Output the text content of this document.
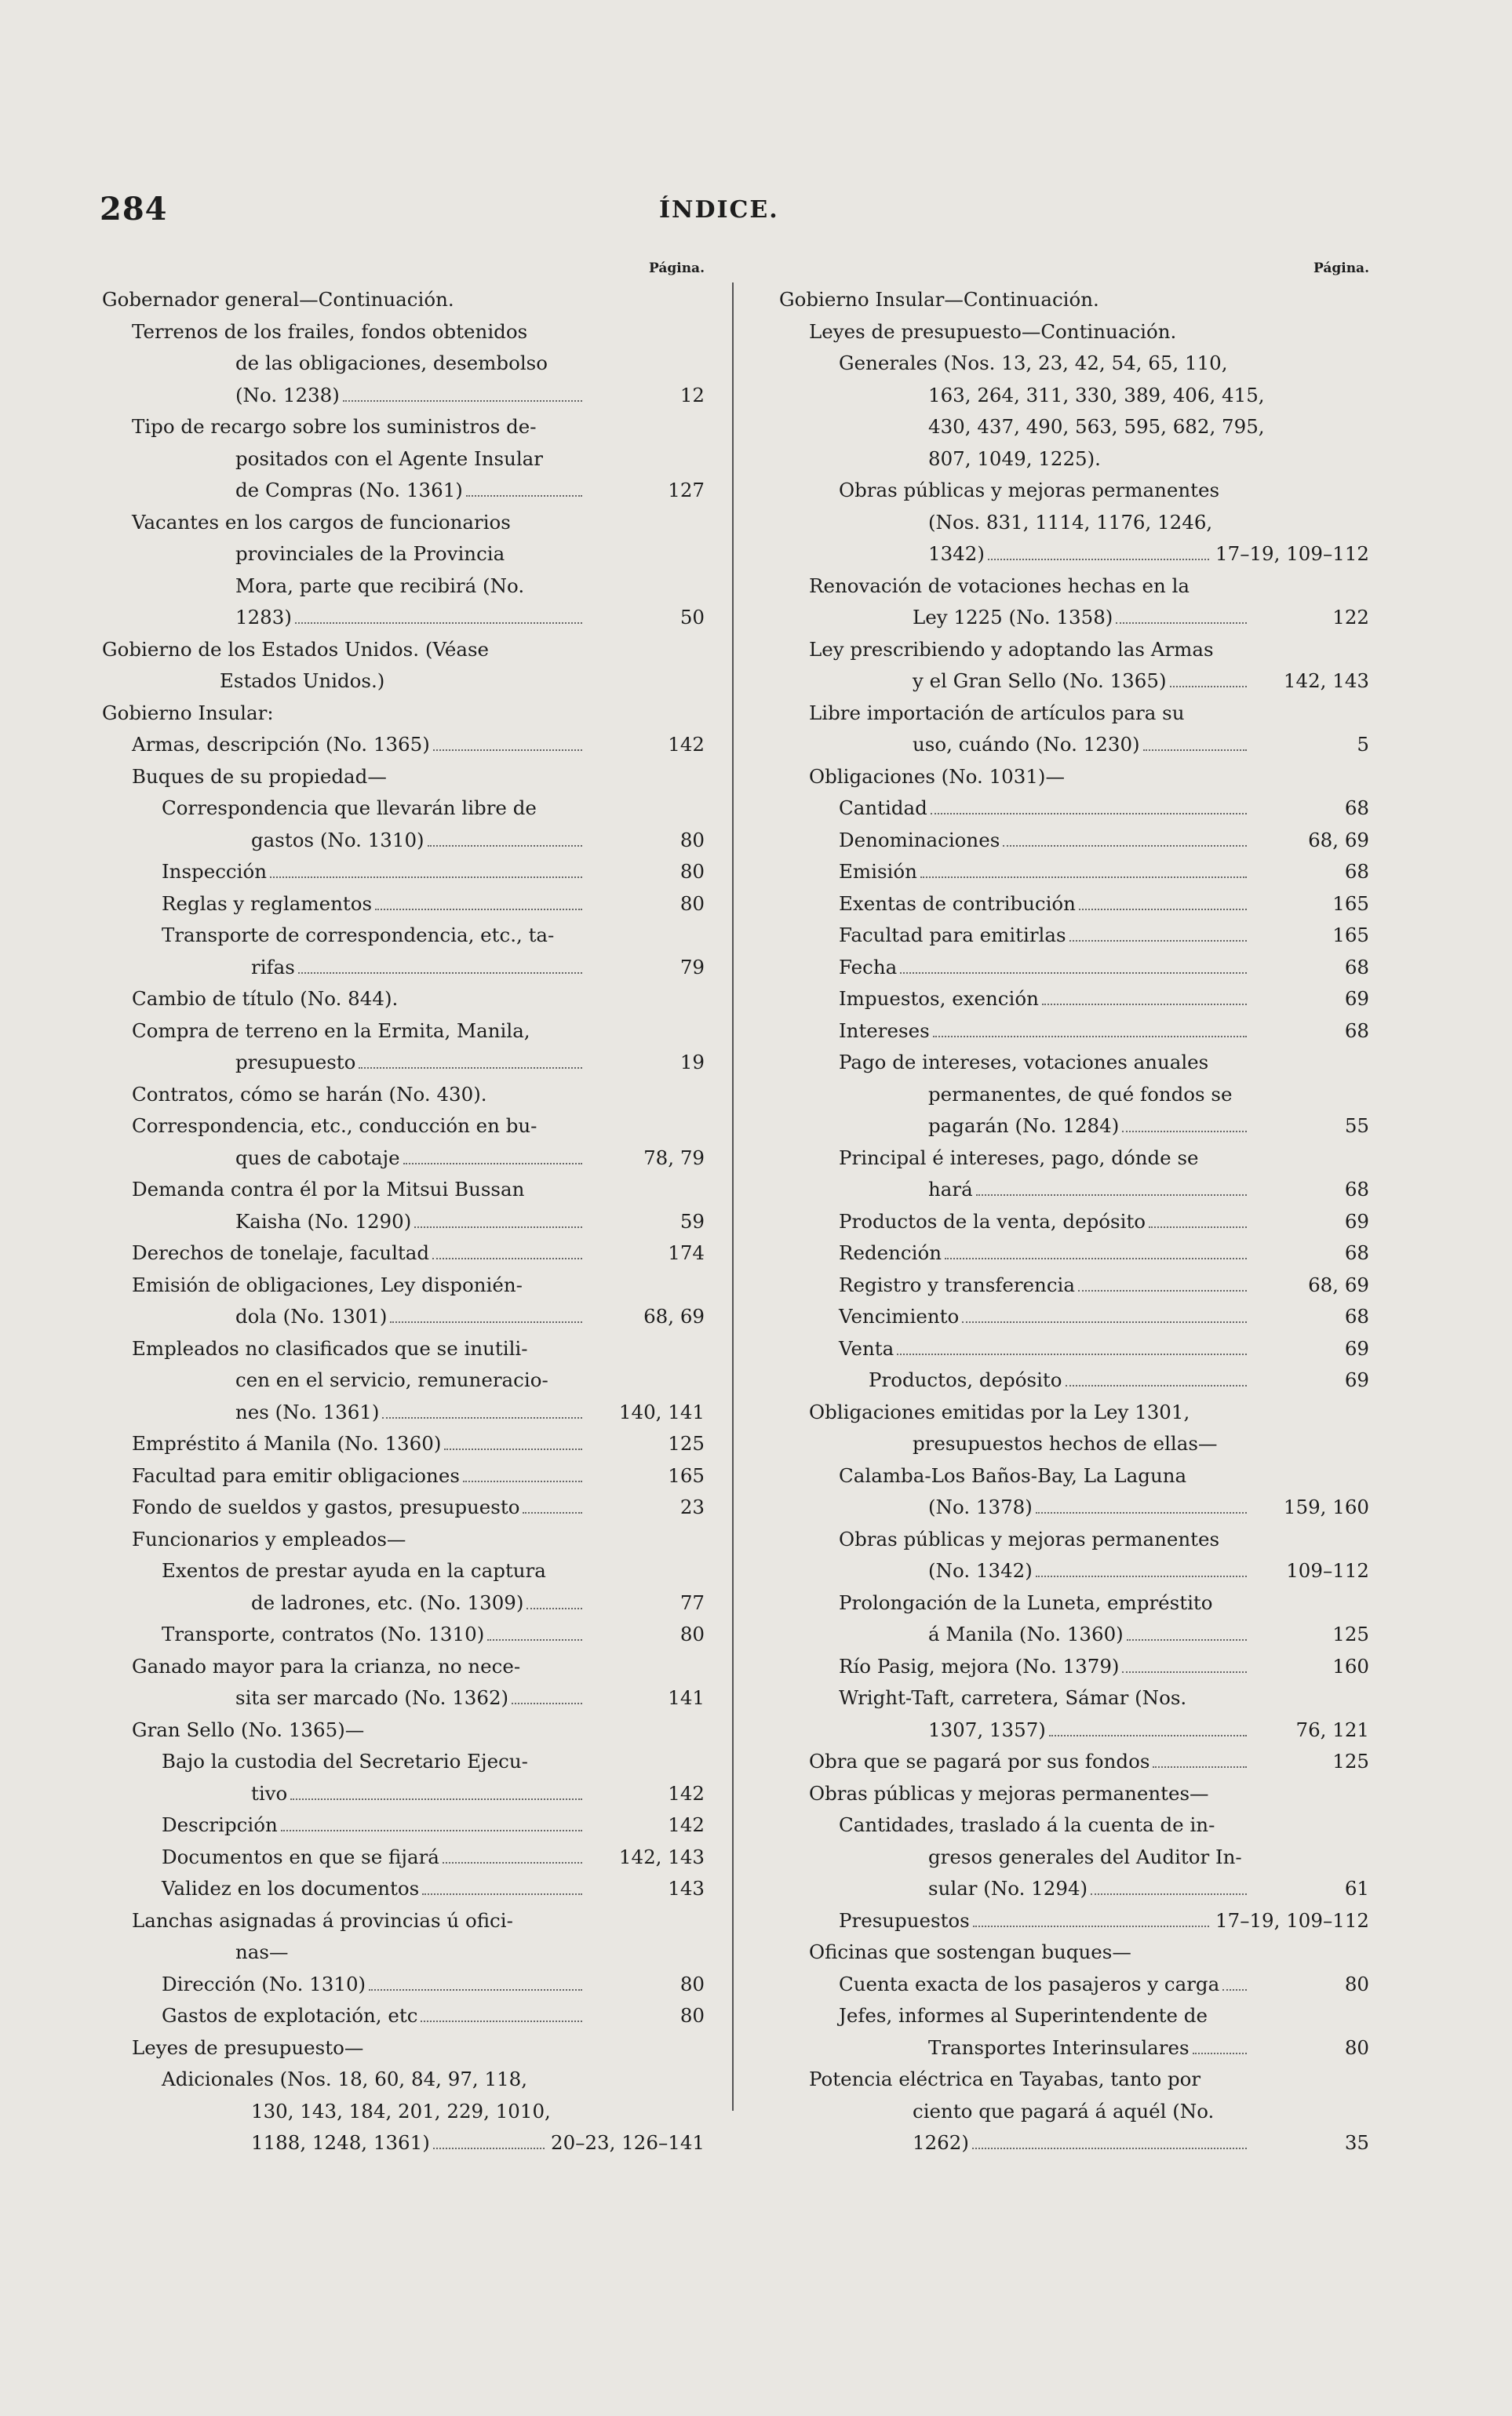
284	ÍNDICE.
Página.
Gobernador general—Continuación.
Terrenos de los frailes, fondos obtenidos
de las obligaciones, desembolso
(No. 1238)	12
Tipo de recargo sobre los suministros de-
positados con el Agente Insular
de Compras (No. 1361)	127
Vacantes en los cargos de funcionarios
provinciales de la Provincia
Mora, parte que recibirá (No.
1283)	50
Gobierno de los Estados Unidos. (Véase
Estados Unidos.)
Gobierno Insular:
Armas, descripción (No. 1365)	142
Buques de su propiedad—
Correspondencia que llevarán libre de
gastos (No. 1310)	80
Inspección	80
Reglas y reglamentos	80
Transporte de correspondencia, etc., ta-
rifas	79
Cambio de título (No. 844).
Compra de terreno en la Ermita, Manila,
presupuesto	19
Contratos, cómo se harán (No. 430).
Correspondencia, etc., conducción en bu-
ques de cabotaje	78, 79
Demanda contra él por la Mitsui Bussan
Kaisha (No. 1290)	59
Derechos de tonelaje, facultad	174
Emisión de obligaciones, Ley disponién-
dola (No. 1301)	68, 69
Empleados no clasificados que se inutili-
cen en el servicio, remuneracio-
nes (No. 1361)	140, 141
Empréstito á Manila (No. 1360)	125
Facultad para emitir obligaciones	165
Fondo de sueldos y gastos, presupuesto	23
Funcionarios y empleados—
Exentos de prestar ayuda en la captura
de ladrones, etc. (No. 1309)	77
Transporte, contratos (No. 1310)	80
Ganado mayor para la crianza, no nece-
sita ser marcado (No. 1362)	141
Gran Sello (No. 1365)—
Bajo la custodia del Secretario Ejecu-
tivo	142
Descripción	142
Documentos en que se fijará	142, 143
Validez en los documentos	143
Lanchas asignadas á provincias ú ofici-
nas—
Dirección (No. 1310)	80
Gastos de explotación, etc	80
Leyes de presupuesto—
Adicionales (Nos. 18, 60, 84, 97, 118,
130, 143, 184, 201, 229, 1010,
1188, 1248, 1361)	20–23, 126–141
Página.
Gobierno Insular—Continuación.
Leyes de presupuesto—Continuación.
Generales (Nos. 13, 23, 42, 54, 65, 110,
163, 264, 311, 330, 389, 406, 415,
430, 437, 490, 563, 595, 682, 795,
807, 1049, 1225).
Obras públicas y mejoras permanentes
(Nos. 831, 1114, 1176, 1246,
1342)	17–19, 109–112
Renovación de votaciones hechas en la
Ley 1225 (No. 1358)	122
Ley prescribiendo y adoptando las Armas
y el Gran Sello (No. 1365)	142, 143
Libre importación de artículos para su
uso, cuándo (No. 1230)	5
Obligaciones (No. 1031)—
Cantidad	68
Denominaciones	68, 69
Emisión	68
Exentas de contribución	165
Facultad para emitirlas	165
Fecha	68
Impuestos, exención	69
Intereses	68
Pago de intereses, votaciones anuales
permanentes, de qué fondos se
pagarán (No. 1284)	55
Principal é intereses, pago, dónde se
hará	68
Productos de la venta, depósito	69
Redención	68
Registro y transferencia	68, 69
Vencimiento	68
Venta	69
Productos, depósito	69
Obligaciones emitidas por la Ley 1301,
presupuestos hechos de ellas—
Calamba-Los Baños-Bay, La Laguna
(No. 1378)	159, 160
Obras públicas y mejoras permanentes
(No. 1342)	109–112
Prolongación de la Luneta, empréstito
á Manila (No. 1360)	125
Río Pasig, mejora (No. 1379)	160
Wright-Taft, carretera, Sámar (Nos.
1307, 1357)	76, 121
Obra que se pagará por sus fondos	125
Obras públicas y mejoras permanentes—
Cantidades, traslado á la cuenta de in-
gresos generales del Auditor In-
sular (No. 1294)	61
Presupuestos	17–19, 109–112
Oficinas que sostengan buques—
Cuenta exacta de los pasajeros y carga	80
Jefes, informes al Superintendente de
Transportes Interinsulares	80
Potencia eléctrica en Tayabas, tanto por
ciento que pagará á aquél (No.
1262)	35
